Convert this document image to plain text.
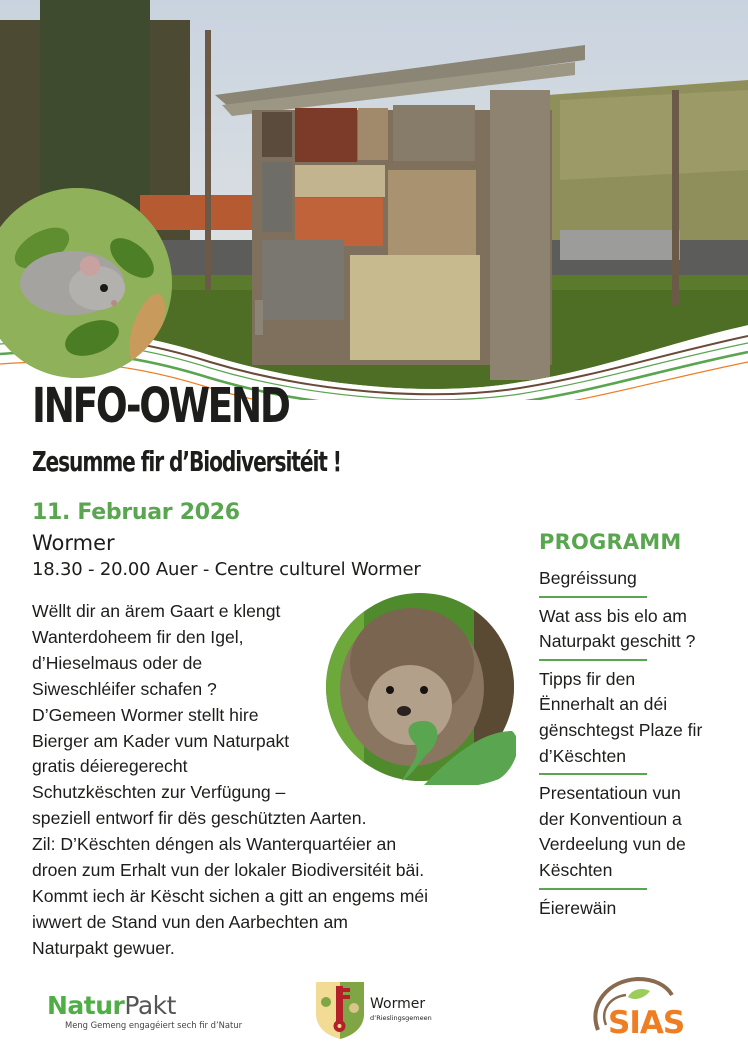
INFO-OWEND
Zesumme fir d’Biodiversitéit !
11. Februar 2026
Wormer
18.30 - 20.00 Auer - Centre culturel Wormer
Wëllt dir an ärem Gaart e klengt
Wanterdoheem fir den Igel,
d’Hieselmaus oder de
Siweschléifer schafen ?
D’Gemeen Wormer stellt hire
Bierger am Kader vum Naturpakt
gratis déieregerecht
Schutzkëschten zur Verfügung –
speziell entworf fir dës geschützten Aarten.
Zil: D’Këschten déngen als Wanterquartéier an
droen zum Erhalt vun der lokaler Biodiversitéit bäi.
Kommt iech är Këscht sichen a gitt an engems méi
iwwert de Stand vun den Aarbechten am
Naturpakt gewuer.
PROGRAMM
Begréissung
Wat ass bis elo am
Naturpakt geschitt ?
Tipps fir den
Ënnerhalt an déi
gënschtegst Plaze fir
d’Këschten
Presentatioun vun
der Konventioun a
Verdeelung vun de
Këschten
Éierewäin
NaturPakt
Meng Gemeng engagéiert sech fir d’Natur
Wormer
d’Rieslingsgemeen	SIAS
